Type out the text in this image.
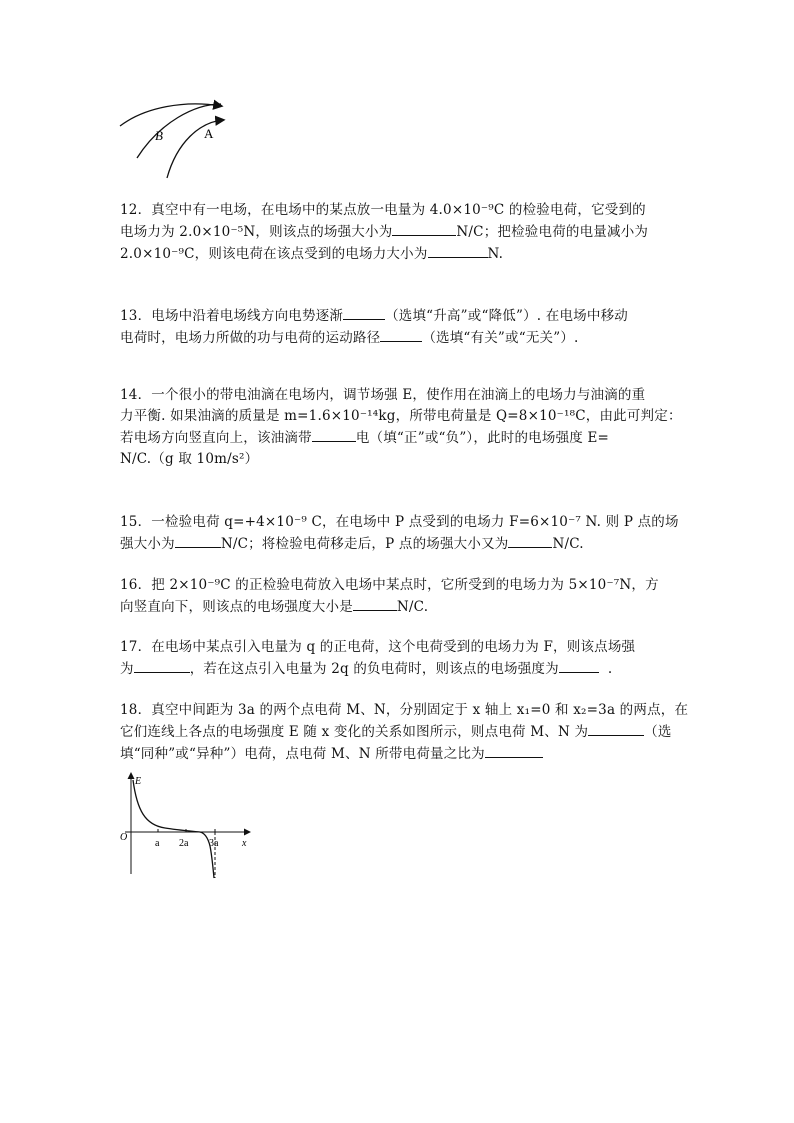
B	A

12．真空中有一电场，在电场中的某点放一电量为 4.0×10⁻⁹C 的检验电荷，它受到的

电场力为 2.0×10⁻⁵N，则该点的场强大小为	N/C；把检验电荷的电量减小为

2.0×10⁻⁹C，则该电荷在该点受到的电场力大小为	N.

13．电场中沿着电场线方向电势逐渐	（选填“升高”或“降低”）. 在电场中移动

电荷时，电场力所做的功与电荷的运动路径	（选填“有关”或“无关”）.

14．一个很小的带电油滴在电场内，调节场强 E，使作用在油滴上的电场力与油滴的重

力平衡. 如果油滴的质量是 m=1.6×10⁻¹⁴kg，所带电荷量是 Q=8×10⁻¹⁸C，由此可判定：

若电场方向竖直向上，该油滴带	电（填“正”或“负”），此时的电场强度 E=

N/C.（g 取 10m/s²）

15．一检验电荷 q=+4×10⁻⁹ C，在电场中 P 点受到的电场力 F=6×10⁻⁷ N. 则 P 点的场

强大小为	N/C；将检验电荷移走后，P 点的场强大小又为	N/C.

16．把 2×10⁻⁹C 的正检验电荷放入电场中某点时，它所受到的电场力为 5×10⁻⁷N，方

向竖直向下，则该点的电场强度大小是	N/C.

17．在电场中某点引入电量为 q 的正电荷，这个电荷受到的电场力为 F，则该点场强

为	，若在这点引入电量为 2q 的负电荷时，则该点的电场强度为	.

18．真空中间距为 3a 的两个点电荷 M、N，分别固定于 x 轴上 x₁=0 和 x₂=3a 的两点，在

它们连线上各点的电场强度 E 随 x 变化的关系如图所示，则点电荷 M、N 为	（选

填“同种”或“异种”）电荷，点电荷 M、N 所带电荷量之比为

E
O
x
a 2a 3a
